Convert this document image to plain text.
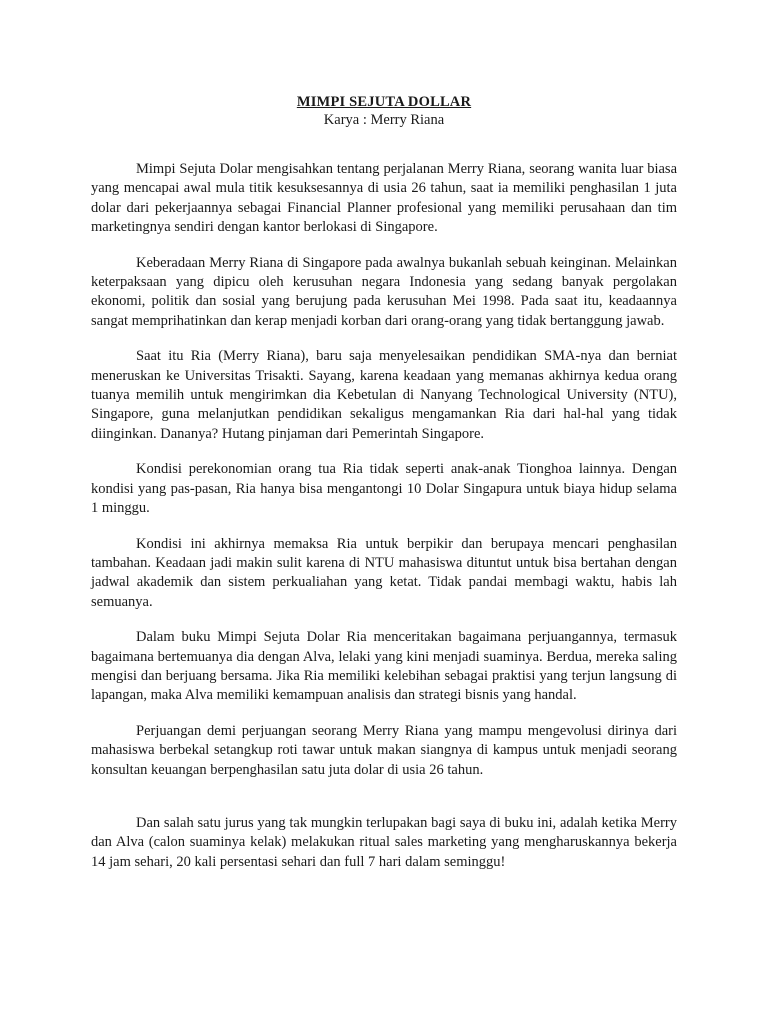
MIMPI SEJUTA DOLLAR

Karya : Merry Riana

Mimpi Sejuta Dolar mengisahkan tentang perjalanan Merry Riana, seorang wanita luar biasa yang mencapai awal mula titik kesuksesannya di usia 26 tahun, saat ia memiliki penghasilan 1 juta dolar dari pekerjaannya sebagai Financial Planner profesional yang memiliki perusahaan dan tim marketingnya sendiri dengan kantor berlokasi di Singapore.

Keberadaan Merry Riana di Singapore pada awalnya bukanlah sebuah keinginan. Melainkan keterpaksaan yang dipicu oleh kerusuhan negara Indonesia yang sedang banyak pergolakan ekonomi, politik dan sosial yang berujung pada kerusuhan Mei 1998. Pada saat itu, keadaannya sangat memprihatinkan dan kerap menjadi korban dari orang-orang yang tidak bertanggung jawab.

Saat itu Ria (Merry Riana), baru saja menyelesaikan pendidikan SMA-nya dan berniat meneruskan ke Universitas Trisakti. Sayang, karena keadaan yang memanas akhirnya kedua orang tuanya memilih untuk mengirimkan dia Kebetulan di Nanyang Technological University (NTU), Singapore, guna melanjutkan pendidikan sekaligus mengamankan Ria dari hal-hal yang tidak diinginkan. Dananya? Hutang pinjaman dari Pemerintah Singapore.

Kondisi perekonomian orang tua Ria tidak seperti anak-anak Tionghoa lainnya. Dengan kondisi yang pas-pasan, Ria hanya bisa mengantongi 10 Dolar Singapura untuk biaya hidup selama 1 minggu.

Kondisi ini akhirnya memaksa Ria untuk berpikir dan berupaya mencari penghasilan tambahan. Keadaan jadi makin sulit karena di NTU mahasiswa dituntut untuk bisa bertahan dengan jadwal akademik dan sistem perkualiahan yang ketat. Tidak pandai membagi waktu, habis lah semuanya.

Dalam buku Mimpi Sejuta Dolar Ria menceritakan bagaimana perjuangannya, termasuk bagaimana bertemuanya dia dengan Alva, lelaki yang kini menjadi suaminya. Berdua, mereka saling mengisi dan berjuang bersama. Jika Ria memiliki kelebihan sebagai praktisi yang terjun langsung di lapangan, maka Alva memiliki kemampuan analisis dan strategi bisnis yang handal.

Perjuangan demi perjuangan seorang Merry Riana yang mampu mengevolusi dirinya dari mahasiswa berbekal setangkup roti tawar untuk makan siangnya di kampus untuk menjadi seorang konsultan keuangan berpenghasilan satu juta dolar di usia 26 tahun.

Dan salah satu jurus yang tak mungkin terlupakan bagi saya di buku ini, adalah ketika Merry dan Alva (calon suaminya kelak) melakukan ritual sales marketing yang mengharuskannya bekerja 14 jam sehari, 20 kali persentasi sehari dan full 7 hari dalam seminggu!
